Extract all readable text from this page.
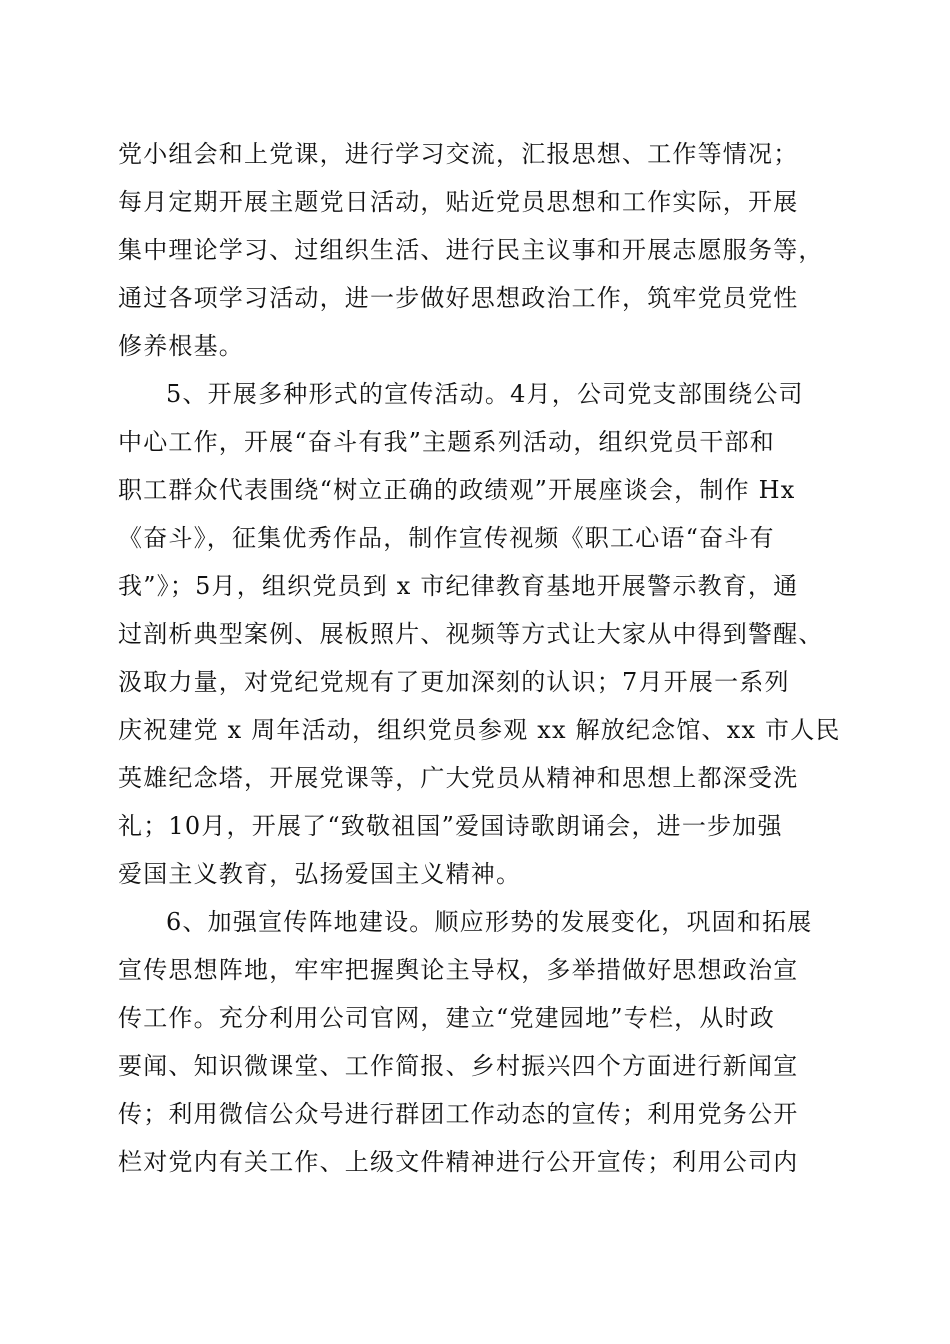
党小组会和上党课，进行学习交流，汇报思想、工作等情况；
每月定期开展主题党日活动，贴近党员思想和工作实际，开展
集中理论学习、过组织生活、进行民主议事和开展志愿服务等，
通过各项学习活动，进一步做好思想政治工作，筑牢党员党性
修养根基。
5、开展多种形式的宣传活动。4月，公司党支部围绕公司
中心工作，开展“奋斗有我”主题系列活动，组织党员干部和
职工群众代表围绕“树立正确的政绩观”开展座谈会，制作 Hx
《奋斗》，征集优秀作品，制作宣传视频《职工心语“奋斗有
我”》；5月，组织党员到 x 市纪律教育基地开展警示教育，通
过剖析典型案例、展板照片、视频等方式让大家从中得到警醒、
汲取力量，对党纪党规有了更加深刻的认识；7月开展一系列
庆祝建党 x 周年活动，组织党员参观 xx 解放纪念馆、xx 市人民
英雄纪念塔，开展党课等，广大党员从精神和思想上都深受洗
礼；10月，开展了“致敬祖国”爱国诗歌朗诵会，进一步加强
爱国主义教育，弘扬爱国主义精神。
6、加强宣传阵地建设。顺应形势的发展变化，巩固和拓展
宣传思想阵地，牢牢把握舆论主导权，多举措做好思想政治宣
传工作。充分利用公司官网，建立“党建园地”专栏，从时政
要闻、知识微课堂、工作简报、乡村振兴四个方面进行新闻宣
传；利用微信公众号进行群团工作动态的宣传；利用党务公开
栏对党内有关工作、上级文件精神进行公开宣传；利用公司内
